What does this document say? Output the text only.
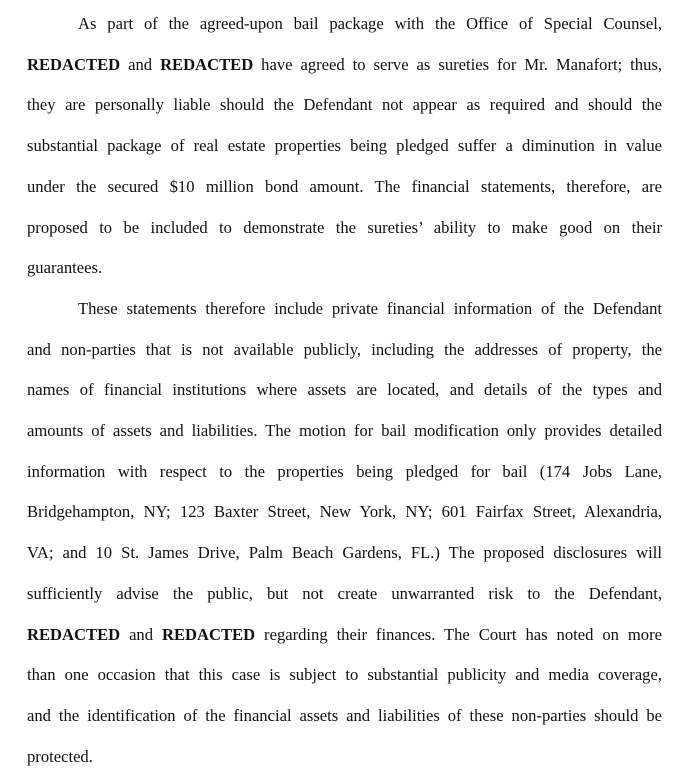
As part of the agreed-upon bail package with the Office of Special Counsel,
REDACTED and REDACTED have agreed to serve as sureties for Mr. Manafort; thus,
they are personally liable should the Defendant not appear as required and should the
substantial package of real estate properties being pledged suffer a diminution in value
under the secured $10 million bond amount. The financial statements, therefore, are
proposed to be included to demonstrate the sureties’ ability to make good on their
guarantees.
These statements therefore include private financial information of the Defendant
and non-parties that is not available publicly, including the addresses of property, the
names of financial institutions where assets are located, and details of the types and
amounts of assets and liabilities. The motion for bail modification only provides detailed
information with respect to the properties being pledged for bail (174 Jobs Lane,
Bridgehampton, NY; 123 Baxter Street, New York, NY; 601 Fairfax Street, Alexandria,
VA; and 10 St. James Drive, Palm Beach Gardens, FL.) The proposed disclosures will
sufficiently advise the public, but not create unwarranted risk to the Defendant,
REDACTED and REDACTED regarding their finances. The Court has noted on more
than one occasion that this case is subject to substantial publicity and media coverage,
and the identification of the financial assets and liabilities of these non-parties should be
protected.
